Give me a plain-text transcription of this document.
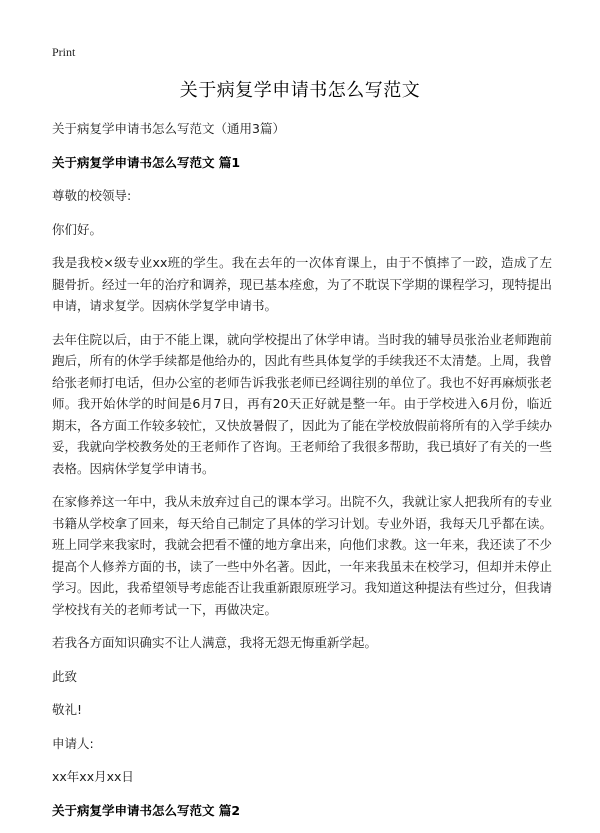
Print
关于病复学申请书怎么写范文

关于病复学申请书怎么写范文（通用3篇）

关于病复学申请书怎么写范文 篇1

尊敬的校领导:

你们好。

我是我校×级专业xx班的学生。我在去年的一次体育课上，由于不慎摔了一跤，造成了左腿骨折。经过一年的治疗和调养，现已基本痊愈，为了不耽误下学期的课程学习，现特提出申请，请求复学。因病休学复学申请书。

去年住院以后，由于不能上课，就向学校提出了休学申请。当时我的辅导员张治业老师跑前跑后，所有的休学手续都是他给办的，因此有些具体复学的手续我还不太清楚。上周，我曾给张老师打电话，但办公室的老师告诉我张老师已经调往别的单位了。我也不好再麻烦张老师。我开始休学的时间是6月7日，再有20天正好就是整一年。由于学校进入6月份，临近期末，各方面工作较多较忙，又快放暑假了，因此为了能在学校放假前将所有的入学手续办妥，我就向学校教务处的王老师作了咨询。王老师给了我很多帮助，我已填好了有关的一些表格。因病休学复学申请书。

在家修养这一年中，我从未放弃过自己的课本学习。出院不久，我就让家人把我所有的专业书籍从学校拿了回来，每天给自己制定了具体的学习计划。专业外语，我每天几乎都在读。班上同学来我家时，我就会把看不懂的地方拿出来，向他们求教。这一年来，我还读了不少提高个人修养方面的书，读了一些中外名著。因此，一年来我虽未在校学习，但却并未停止学习。因此，我希望领导考虑能否让我重新跟原班学习。我知道这种提法有些过分，但我请学校找有关的老师考试一下，再做决定。

若我各方面知识确实不让人满意，我将无怨无悔重新学起。

此致

敬礼!

申请人:

xx年xx月xx日

关于病复学申请书怎么写范文 篇2
